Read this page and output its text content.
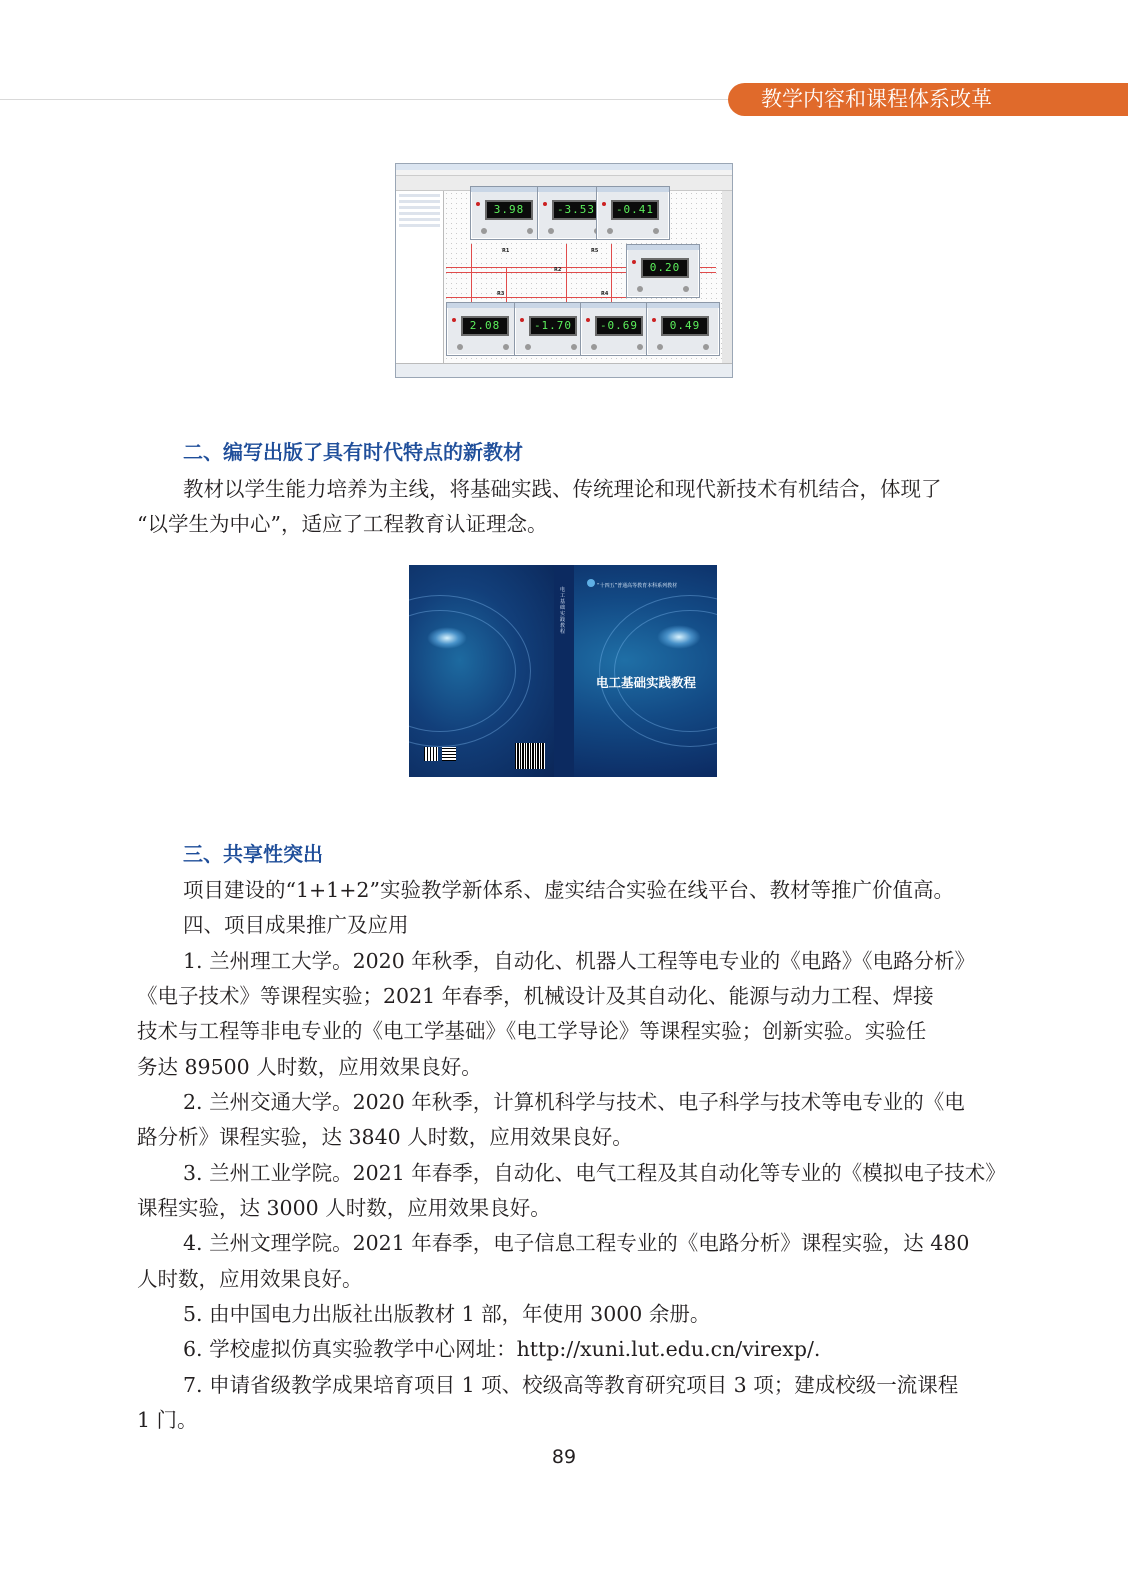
教学内容和课程体系改革
R1
R2
R3	R4
R5
3.98	-3.53	-0.41
0.20
2.08	-1.70	-0.69	0.49
二、编写出版了具有时代特点的新教材
教材以学生能力培养为主线，将基础实践、传统理论和现代新技术有机结合，体现了
“以学生为中心”，适应了工程教育认证理念。
电工基础实践教程
“十四五”普通高等教育本科系列教材
电工基础实践教程
三、共享性突出
项目建设的“1+1+2”实验教学新体系、虚实结合实验在线平台、教材等推广价值高。
四、项目成果推广及应用
1. 兰州理工大学。2020 年秋季，自动化、机器人工程等电专业的《电路》《电路分析》
《电子技术》等课程实验；2021 年春季，机械设计及其自动化、能源与动力工程、焊接
技术与工程等非电专业的《电工学基础》《电工学导论》等课程实验；创新实验。实验任
务达 89500 人时数，应用效果良好。
2. 兰州交通大学。2020 年秋季，计算机科学与技术、电子科学与技术等电专业的《电
路分析》课程实验，达 3840 人时数，应用效果良好。
3. 兰州工业学院。2021 年春季，自动化、电气工程及其自动化等专业的《模拟电子技术》
课程实验，达 3000 人时数，应用效果良好。
4. 兰州文理学院。2021 年春季，电子信息工程专业的《电路分析》课程实验，达 480
人时数，应用效果良好。
5. 由中国电力出版社出版教材 1 部，年使用 3000 余册。
6. 学校虚拟仿真实验教学中心网址：http://xuni.lut.edu.cn/virexp/.
7. 申请省级教学成果培育项目 1 项、校级高等教育研究项目 3 项；建成校级一流课程
1 门。
89
